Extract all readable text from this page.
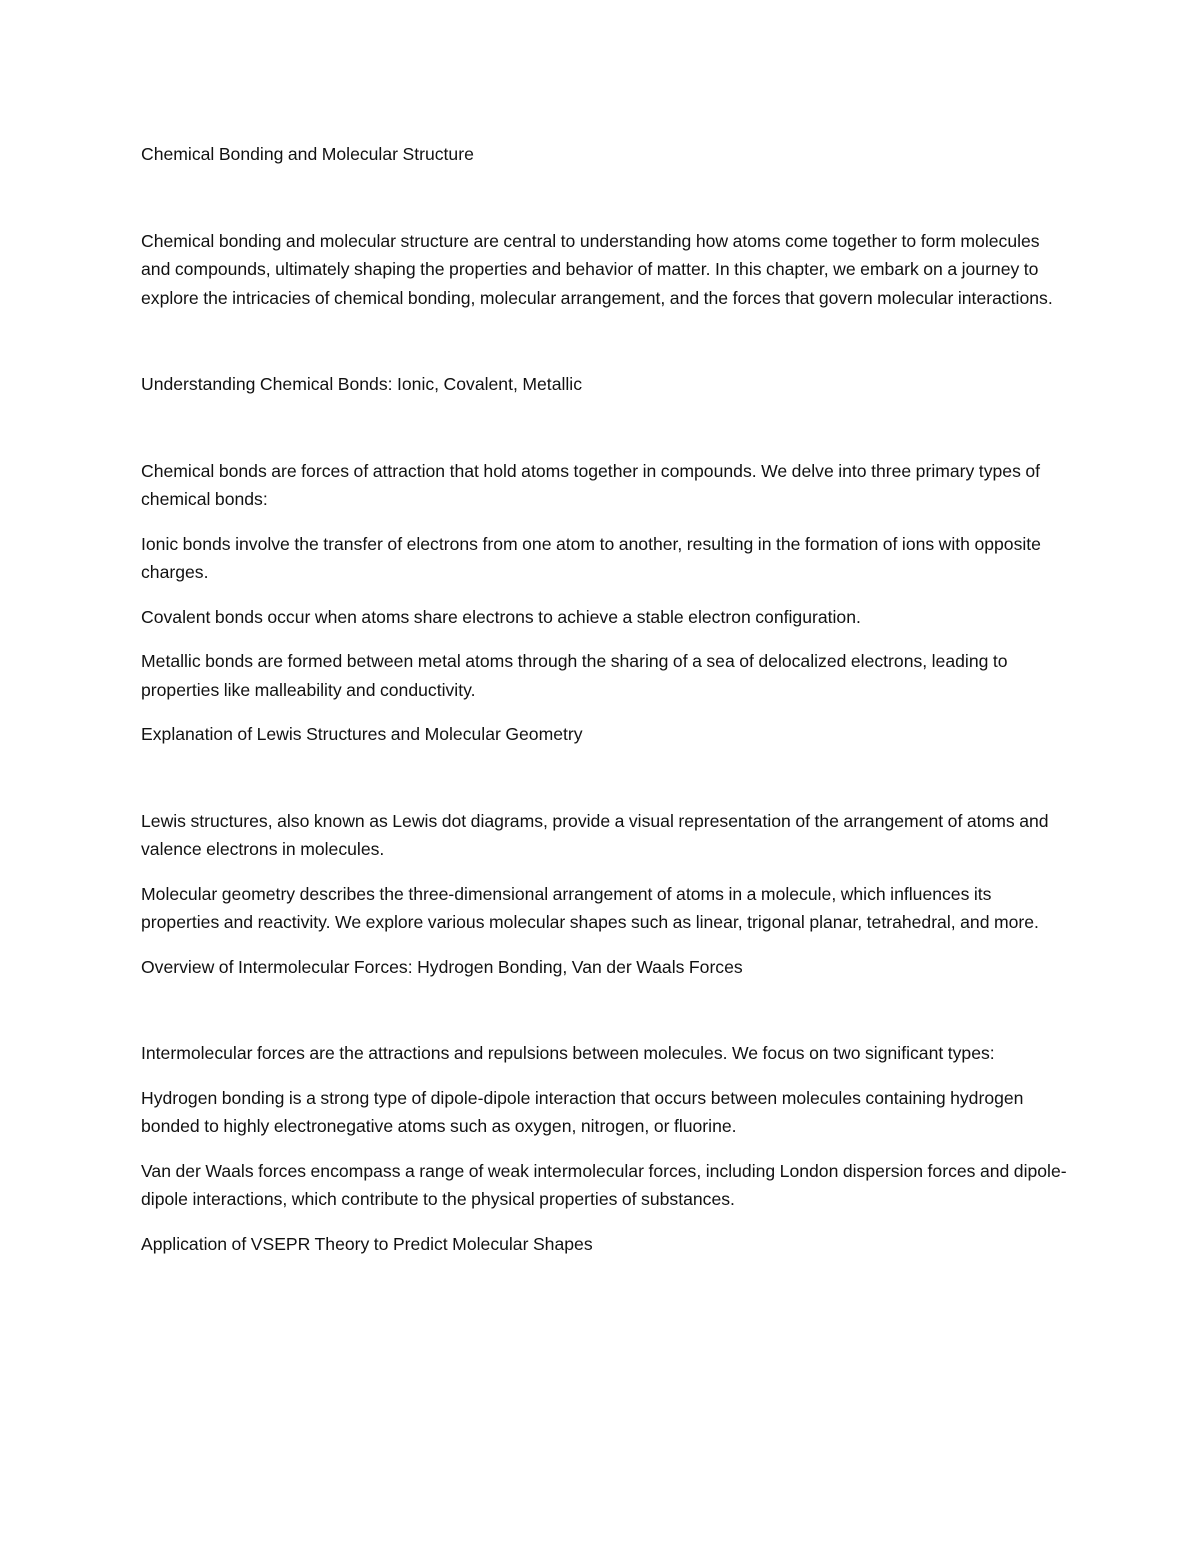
Chemical Bonding and Molecular Structure

Chemical bonding and molecular structure are central to understanding how atoms come together to form molecules and compounds, ultimately shaping the properties and behavior of matter. In this chapter, we embark on a journey to explore the intricacies of chemical bonding, molecular arrangement, and the forces that govern molecular interactions.

Understanding Chemical Bonds: Ionic, Covalent, Metallic

Chemical bonds are forces of attraction that hold atoms together in compounds. We delve into three primary types of chemical bonds:

Ionic bonds involve the transfer of electrons from one atom to another, resulting in the formation of ions with opposite charges.

Covalent bonds occur when atoms share electrons to achieve a stable electron configuration.

Metallic bonds are formed between metal atoms through the sharing of a sea of delocalized electrons, leading to properties like malleability and conductivity.

Explanation of Lewis Structures and Molecular Geometry

Lewis structures, also known as Lewis dot diagrams, provide a visual representation of the arrangement of atoms and valence electrons in molecules.

Molecular geometry describes the three-dimensional arrangement of atoms in a molecule, which influences its properties and reactivity. We explore various molecular shapes such as linear, trigonal planar, tetrahedral, and more.

Overview of Intermolecular Forces: Hydrogen Bonding, Van der Waals Forces

Intermolecular forces are the attractions and repulsions between molecules. We focus on two significant types:

Hydrogen bonding is a strong type of dipole-dipole interaction that occurs between molecules containing hydrogen bonded to highly electronegative atoms such as oxygen, nitrogen, or fluorine.

Van der Waals forces encompass a range of weak intermolecular forces, including London dispersion forces and dipole-dipole interactions, which contribute to the physical properties of substances.

Application of VSEPR Theory to Predict Molecular Shapes
